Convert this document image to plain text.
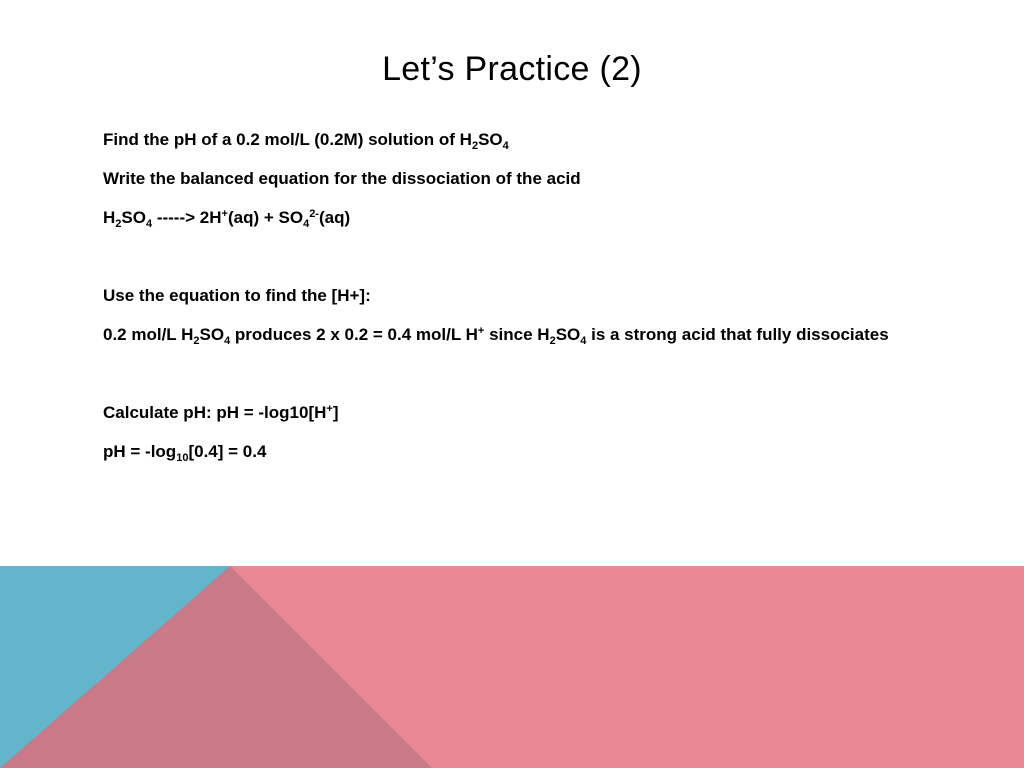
Let’s Practice (2)
Find the pH of a 0.2 mol/L (0.2M) solution of $H_2SO_4$
Write the balanced equation for the dissociation of the acid
$H_2SO_4$ -----> $2H^+(aq) + SO_4^{2-}(aq)$
Use the equation to find the [H+]:
0.2 mol/L $H_2SO_4$ produces 2 x 0.2 = 0.4 mol/L H+ since $H_2SO_4$ is a strong acid that fully dissociates
Calculate pH: pH = -log10[H+]
pH = $-\log_{10}[0.4] = 0.4$
